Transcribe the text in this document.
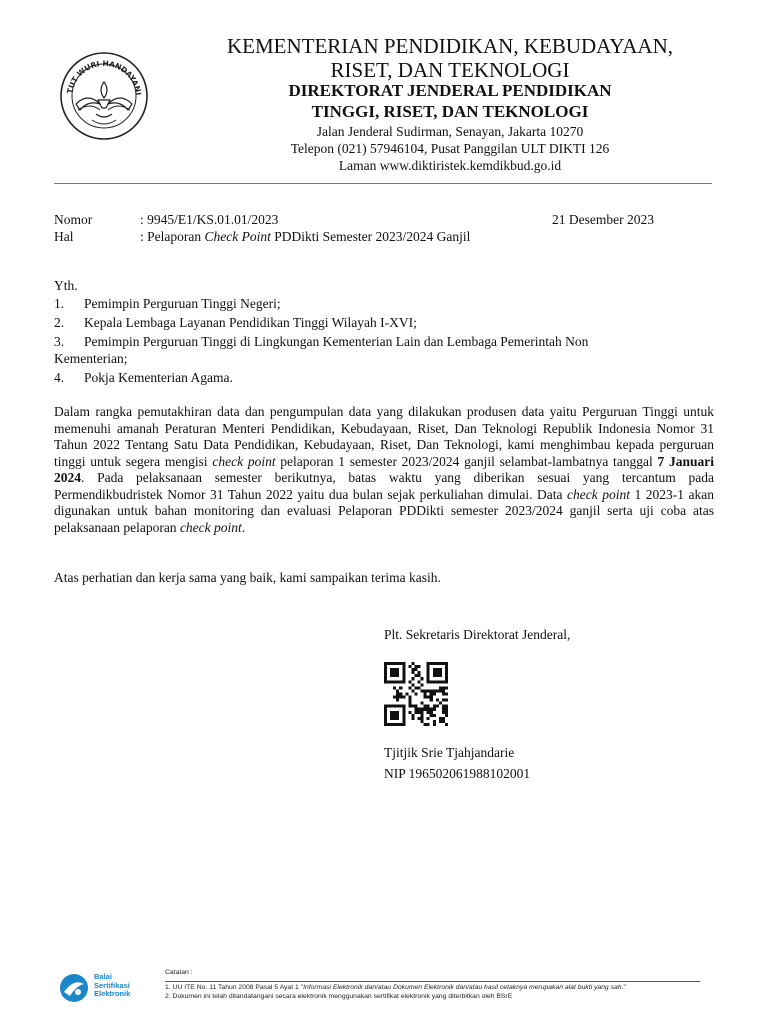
TUT WURI HANDAYANI
KEMENTERIAN PENDIDIKAN, KEBUDAYAAN,
RISET, DAN TEKNOLOGI
DIREKTORAT JENDERAL PENDIDIKAN
TINGGI, RISET, DAN TEKNOLOGI
Jalan Jenderal Sudirman, Senayan, Jakarta 10270
Telepon (021) 57946104, Pusat Panggilan ULT DIKTI 126
Laman www.diktiristek.kemdikbud.go.id
Nomor	: 9945/E1/KS.01.01/2023	21 Desember 2023
Hal	: Pelaporan Check Point PDDikti Semester 2023/2024 Ganjil
Yth.
1. Pemimpin Perguruan Tinggi Negeri;
2. Kepala Lembaga Layanan Pendidikan Tinggi Wilayah I-XVI;
3. Pemimpin Perguruan Tinggi di Lingkungan Kementerian Lain dan Lembaga Pemerintah Non
Kementerian;
4. Pokja Kementerian Agama.
Dalam rangka pemutakhiran data dan pengumpulan data yang dilakukan produsen data yaitu Perguruan Tinggi untuk memenuhi amanah Peraturan Menteri Pendidikan, Kebudayaan, Riset, Dan Teknologi Republik Indonesia Nomor 31 Tahun 2022 Tentang Satu Data Pendidikan, Kebudayaan, Riset, Dan Teknologi, kami menghimbau kepada perguruan tinggi untuk segera mengisi check point pelaporan 1 semester 2023/2024 ganjil selambat-lambatnya tanggal 7 Januari 2024. Pada pelaksanaan semester berikutnya, batas waktu yang diberikan sesuai yang tercantum pada Permendikbudristek Nomor 31 Tahun 2022 yaitu dua bulan sejak perkuliahan dimulai. Data check point 1 2023-1 akan digunakan untuk bahan monitoring dan evaluasi Pelaporan PDDikti semester 2023/2024 ganjil serta uji coba atas pelaksanaan pelaporan check point.
Atas perhatian dan kerja sama yang baik, kami sampaikan terima kasih.
Plt. Sekretaris Direktorat Jenderal,
Tjitjik Srie Tjahjandarie
NIP 196502061988102001
Balai
Sertifikasi
Elektronik
Catatan :
1. UU ITE No. 11 Tahun 2008 Pasal 5 Ayat 1 "Informasi Elektronik dan/atau Dokumen Elektronik dan/atau hasil cetaknya merupakan alat bukti yang sah."
2. Dokumen ini telah ditandatangani secara elektronik menggunakan sertifikat elektronik yang diterbitkan oleh BSrE
